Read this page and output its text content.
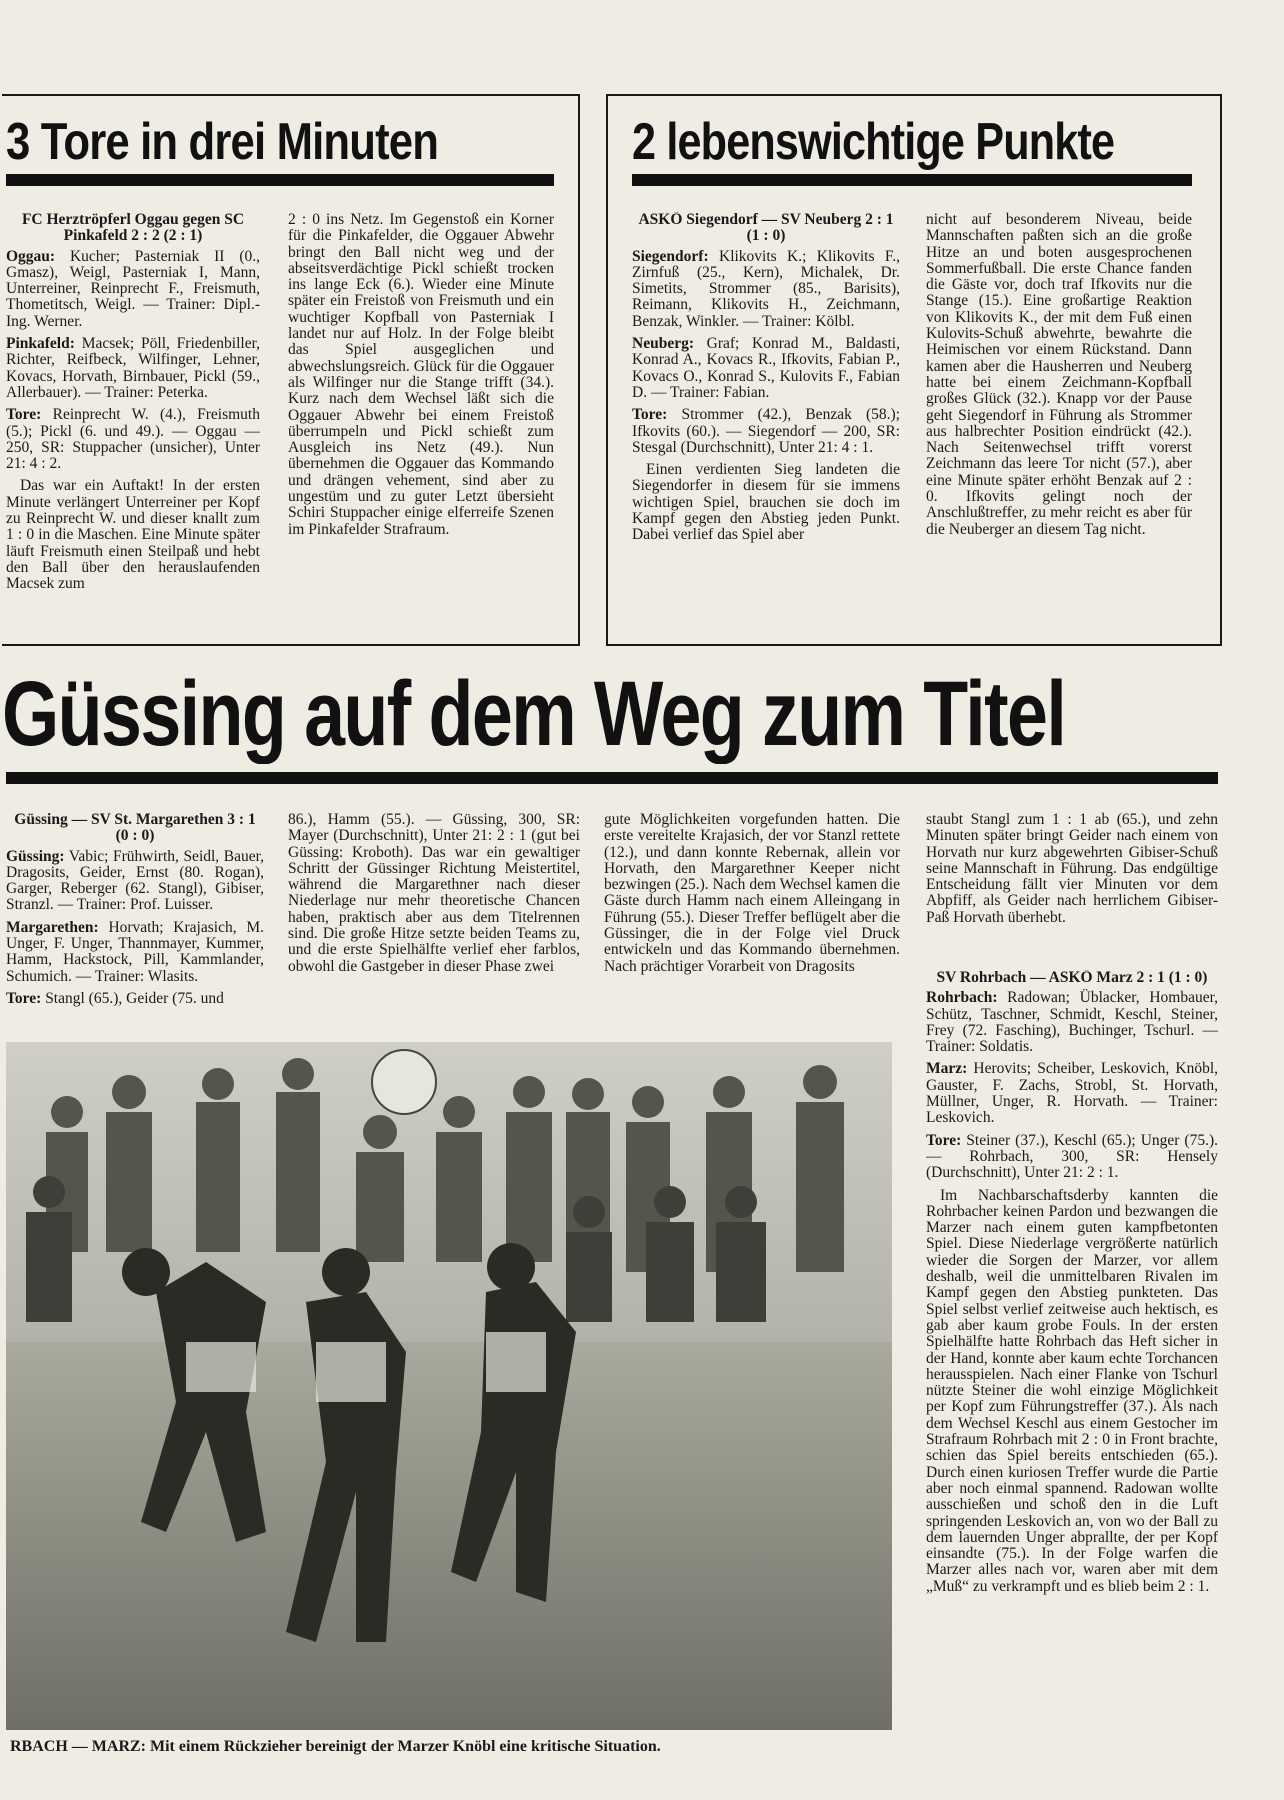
3 Tore in drei Minuten

FC Herztröpferl Oggau gegen SC Pinkafeld 2 : 2 (2 : 1)

Oggau: Kucher; Pasterniak II (0., Gmasz), Weigl, Pasterniak I, Mann, Unterreiner, Reinprecht F., Freismuth, Thometitsch, Weigl. — Trainer: Dipl.-Ing. Werner.

Pinkafeld: Macsek; Pöll, Friedenbiller, Richter, Reifbeck, Wilfinger, Lehner, Kovacs, Horvath, Birnbauer, Pickl (59., Allerbauer). — Trainer: Peterka.

Tore: Reinprecht W. (4.), Freismuth (5.); Pickl (6. und 49.). — Oggau — 250, SR: Stuppacher (unsicher), Unter 21: 4 : 2.

Das war ein Auftakt! In der ersten Minute verlängert Unterreiner per Kopf zu Reinprecht W. und dieser knallt zum 1 : 0 in die Maschen. Eine Minute später läuft Freismuth einen Steilpaß und hebt den Ball über den herauslaufenden Macsek zum

2 : 0 ins Netz. Im Gegenstoß ein Korner für die Pinkafelder, die Oggauer Abwehr bringt den Ball nicht weg und der abseitsverdächtige Pickl schießt trocken ins lange Eck (6.). Wieder eine Minute später ein Freistoß von Freismuth und ein wuchtiger Kopfball von Pasterniak I landet nur auf Holz. In der Folge bleibt das Spiel ausgeglichen und abwechslungsreich. Glück für die Oggauer als Wilfinger nur die Stange trifft (34.). Kurz nach dem Wechsel läßt sich die Oggauer Abwehr bei einem Freistoß überrumpeln und Pickl schießt zum Ausgleich ins Netz (49.). Nun übernehmen die Oggauer das Kommando und drängen vehement, sind aber zu ungestüm und zu guter Letzt übersieht Schiri Stuppacher einige elferreife Szenen im Pinkafelder Strafraum.

2 lebenswichtige Punkte

ASKÖ Siegendorf — SV Neuberg 2 : 1 (1 : 0)

Siegendorf: Klikovits K.; Klikovits F., Zirnfuß (25., Kern), Michalek, Dr. Simetits, Strommer (85., Barisits), Reimann, Klikovits H., Zeichmann, Benzak, Winkler. — Trainer: Kölbl.

Neuberg: Graf; Konrad M., Baldasti, Konrad A., Kovacs R., Ifkovits, Fabian P., Kovacs O., Konrad S., Kulovits F., Fabian D. — Trainer: Fabian.

Tore: Strommer (42.), Benzak (58.); Ifkovits (60.). — Siegendorf — 200, SR: Stesgal (Durchschnitt), Unter 21: 4 : 1.

Einen verdienten Sieg landeten die Siegendorfer in diesem für sie immens wichtigen Spiel, brauchen sie doch im Kampf gegen den Abstieg jeden Punkt. Dabei verlief das Spiel aber

nicht auf besonderem Niveau, beide Mannschaften paßten sich an die große Hitze an und boten ausgesprochenen Sommerfußball. Die erste Chance fanden die Gäste vor, doch traf Ifkovits nur die Stange (15.). Eine großartige Reaktion von Klikovits K., der mit dem Fuß einen Kulovits-Schuß abwehrte, bewahrte die Heimischen vor einem Rückstand. Dann kamen aber die Hausherren und Neuberg hatte bei einem Zeichmann-Kopfball großes Glück (32.). Knapp vor der Pause geht Siegendorf in Führung als Strommer aus halbrechter Position eindrückt (42.). Nach Seitenwechsel trifft vorerst Zeichmann das leere Tor nicht (57.), aber eine Minute später erhöht Benzak auf 2 : 0. Ifkovits gelingt noch der Anschlußtreffer, zu mehr reicht es aber für die Neuberger an diesem Tag nicht.

Güssing auf dem Weg zum Titel

Güssing — SV St. Margarethen 3 : 1 (0 : 0)

Güssing: Vabic; Frühwirth, Seidl, Bauer, Dragosits, Geider, Ernst (80. Rogan), Garger, Reberger (62. Stangl), Gibiser, Stranzl. — Trainer: Prof. Luisser.

Margarethen: Horvath; Krajasich, M. Unger, F. Unger, Thannmayer, Kummer, Hamm, Hackstock, Pill, Kammlander, Schumich. — Trainer: Wlasits.

Tore: Stangl (65.), Geider (75. und

86.), Hamm (55.). — Güssing, 300, SR: Mayer (Durchschnitt), Unter 21: 2 : 1 (gut bei Güssing: Kroboth). Das war ein gewaltiger Schritt der Güssinger Richtung Meistertitel, während die Margarethner nach dieser Niederlage nur mehr theoretische Chancen haben, praktisch aber aus dem Titelrennen sind. Die große Hitze setzte beiden Teams zu, und die erste Spielhälfte verlief eher farblos, obwohl die Gastgeber in dieser Phase zwei

gute Möglichkeiten vorgefunden hatten. Die erste vereitelte Krajasich, der vor Stanzl rettete (12.), und dann konnte Rebernak, allein vor Horvath, den Margarethner Keeper nicht bezwingen (25.). Nach dem Wechsel kamen die Gäste durch Hamm nach einem Alleingang in Führung (55.). Dieser Treffer beflügelt aber die Güssinger, die in der Folge viel Druck entwickeln und das Kommando übernehmen. Nach prächtiger Vorarbeit von Dragosits

staubt Stangl zum 1 : 1 ab (65.), und zehn Minuten später bringt Geider nach einem von Horvath nur kurz abgewehrten Gibiser-Schuß seine Mannschaft in Führung. Das endgültige Entscheidung fällt vier Minuten vor dem Abpfiff, als Geider nach herrlichem Gibiser-Paß Horvath überhebt.

SV Rohrbach — ASKÖ Marz 2 : 1 (1 : 0)

Rohrbach: Radowan; Üblacker, Hombauer, Schütz, Taschner, Schmidt, Keschl, Steiner, Frey (72. Fasching), Buchinger, Tschurl. — Trainer: Soldatis.

Marz: Herovits; Scheiber, Leskovich, Knöbl, Gauster, F. Zachs, Strobl, St. Horvath, Müllner, Unger, R. Horvath. — Trainer: Leskovich.

Tore: Steiner (37.), Keschl (65.); Unger (75.). — Rohrbach, 300, SR: Hensely (Durchschnitt), Unter 21: 2 : 1.

Im Nachbarschaftsderby kannten die Rohrbacher keinen Pardon und bezwangen die Marzer nach einem guten kampfbetonten Spiel. Diese Niederlage vergrößerte natürlich wieder die Sorgen der Marzer, vor allem deshalb, weil die unmittelbaren Rivalen im Kampf gegen den Abstieg punkteten. Das Spiel selbst verlief zeitweise auch hektisch, es gab aber kaum grobe Fouls. In der ersten Spielhälfte hatte Rohrbach das Heft sicher in der Hand, konnte aber kaum echte Torchancen herausspielen. Nach einer Flanke von Tschurl nützte Steiner die wohl einzige Möglichkeit per Kopf zum Führungstreffer (37.). Als nach dem Wechsel Keschl aus einem Gestocher im Strafraum Rohrbach mit 2 : 0 in Front brachte, schien das Spiel bereits entschieden (65.). Durch einen kuriosen Treffer wurde die Partie aber noch einmal spannend. Radowan wollte ausschießen und schoß den in die Luft springenden Leskovich an, von wo der Ball zu dem lauernden Unger abprallte, der per Kopf einsandte (75.). In der Folge warfen die Marzer alles nach vor, waren aber mit dem „Muß“ zu verkrampft und es blieb beim 2 : 1.

RBACH — MARZ: Mit einem Rückzieher bereinigt der Marzer Knöbl eine kritische Situation.
